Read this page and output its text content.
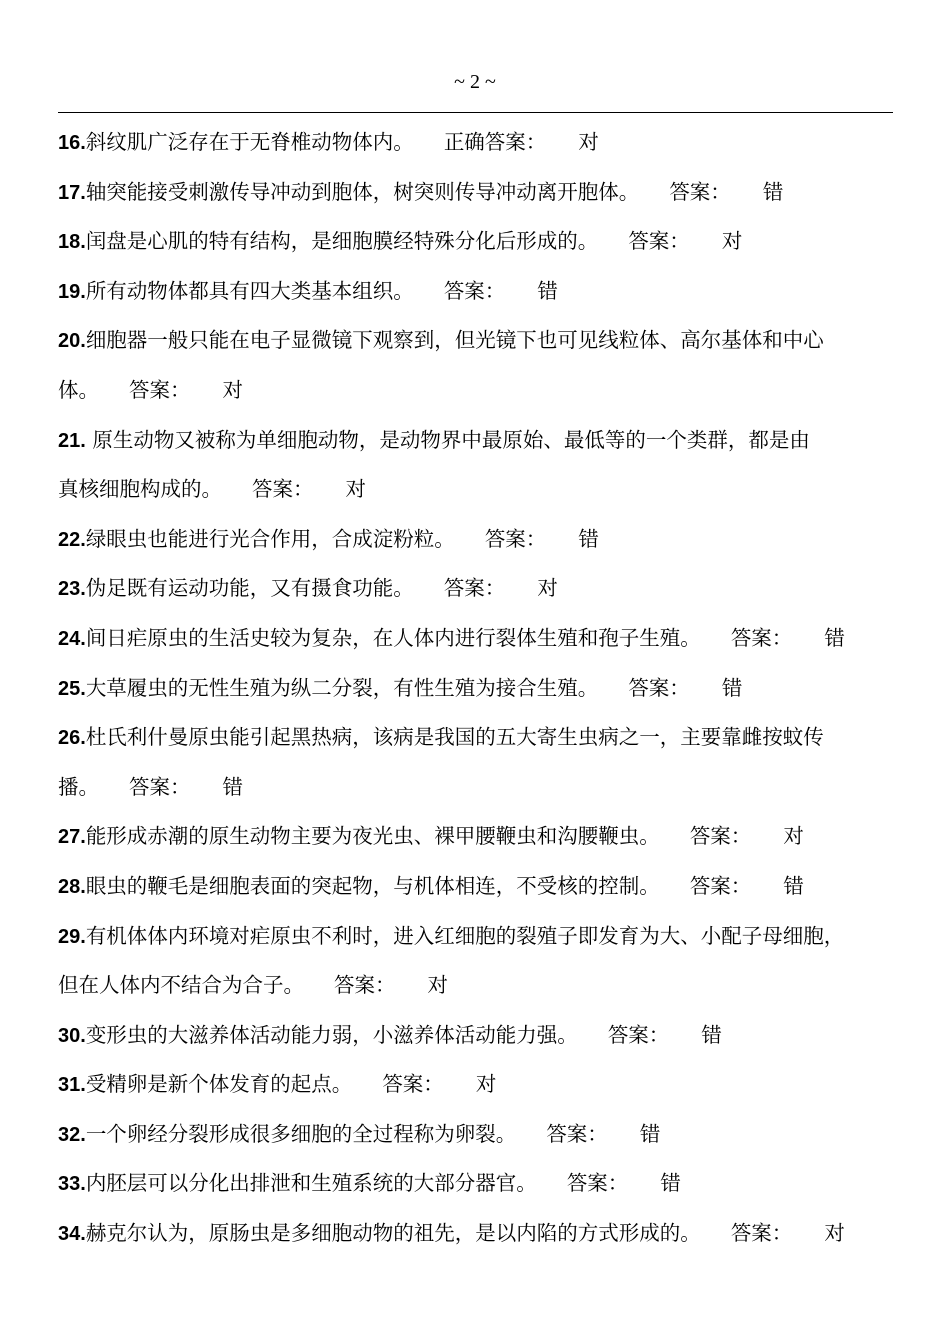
~ 2 ~
16.斜纹肌广泛存在于无脊椎动物体内。 正确答案： 对
17.轴突能接受刺激传导冲动到胞体，树突则传导冲动离开胞体。 答案： 错
18.闰盘是心肌的特有结构，是细胞膜经特殊分化后形成的。 答案： 对
19.所有动物体都具有四大类基本组织。 答案： 错
20.细胞器一般只能在电子显微镜下观察到，但光镜下也可见线粒体、高尔基体和中心
体。 答案： 对
21. 原生动物又被称为单细胞动物，是动物界中最原始、最低等的一个类群，都是由
真核细胞构成的。 答案： 对
22.绿眼虫也能进行光合作用，合成淀粉粒。 答案： 错
23.伪足既有运动功能，又有摄食功能。 答案： 对
24.间日疟原虫的生活史较为复杂，在人体内进行裂体生殖和孢子生殖。 答案： 错
25.大草履虫的无性生殖为纵二分裂，有性生殖为接合生殖。 答案： 错
26.杜氏利什曼原虫能引起黑热病，该病是我国的五大寄生虫病之一，主要靠雌按蚊传
播。 答案： 错
27.能形成赤潮的原生动物主要为夜光虫、裸甲腰鞭虫和沟腰鞭虫。 答案： 对
28.眼虫的鞭毛是细胞表面的突起物，与机体相连，不受核的控制。 答案： 错
29.有机体体内环境对疟原虫不利时，进入红细胞的裂殖子即发育为大、小配子母细胞，
但在人体内不结合为合子。 答案： 对
30.变形虫的大滋养体活动能力弱，小滋养体活动能力强。 答案： 错
31.受精卵是新个体发育的起点。 答案： 对
32.一个卵经分裂形成很多细胞的全过程称为卵裂。 答案： 错
33.内胚层可以分化出排泄和生殖系统的大部分器官。 答案： 错
34.赫克尔认为，原肠虫是多细胞动物的祖先，是以内陷的方式形成的。 答案： 对
